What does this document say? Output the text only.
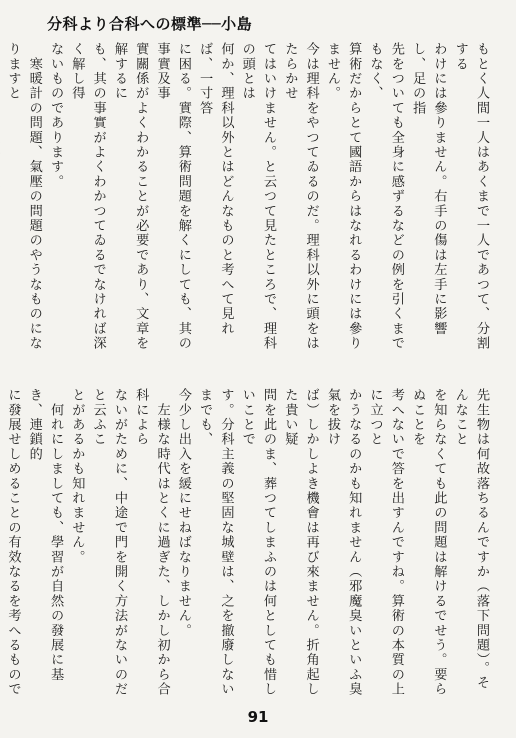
分科より合科への標準──小島
先生物は何故落ちるんですか（落下問題）。そんなこと
を知らなくても此の問題は解けるでせう。要らぬことを
考へないで答を出すんですね。算術の本質の上に立つと
かうなるのかも知れません（邪魔臭いといふ臭氣を拔け
ば）しかしよき機會は再び來ません。折角起した貴い疑
問を此のま、葬つてしまふのは何としても惜しいことで
す。分科主義の堅固な城壁は、之を撤廢しないまでも、
今少し出入を緩にせねばなりません。
　左様な時代はとくに過ぎた、しかし初から合科によら
ないがために、中途で門を開く方法がないのだと云ふこ
とがあるかも知れません。
　何れにしましても、學習が自然の發展に基き、連鎖的
に發展せしめることの有效なるを考へるもので

もとく人間一人はあくまで一人であつて、分割する
わけには參りません。右手の傷は左手に影響し、足の指
先をついても全身に感ずるなどの例を引くまでもなく、
算術だからとて國語からはなれるわけには參りません。
今は理科をやつてゐるのだ。理科以外に頭をはたらかせ
てはいけません。と云つて見たところで、理科の頭とは
何か、理科以外とはどんなものと考へて見れば、一寸答
に困る。實際、算術問題を解くにしても、其の事實及事
實關係がよくわかることが必要であり、文章を解するに
も、其の事實がよくわかつてゐるでなければ深く解し得
ないものであります。
　寒暖計の問題、氣壓の問題のやうなものになりますと

91
